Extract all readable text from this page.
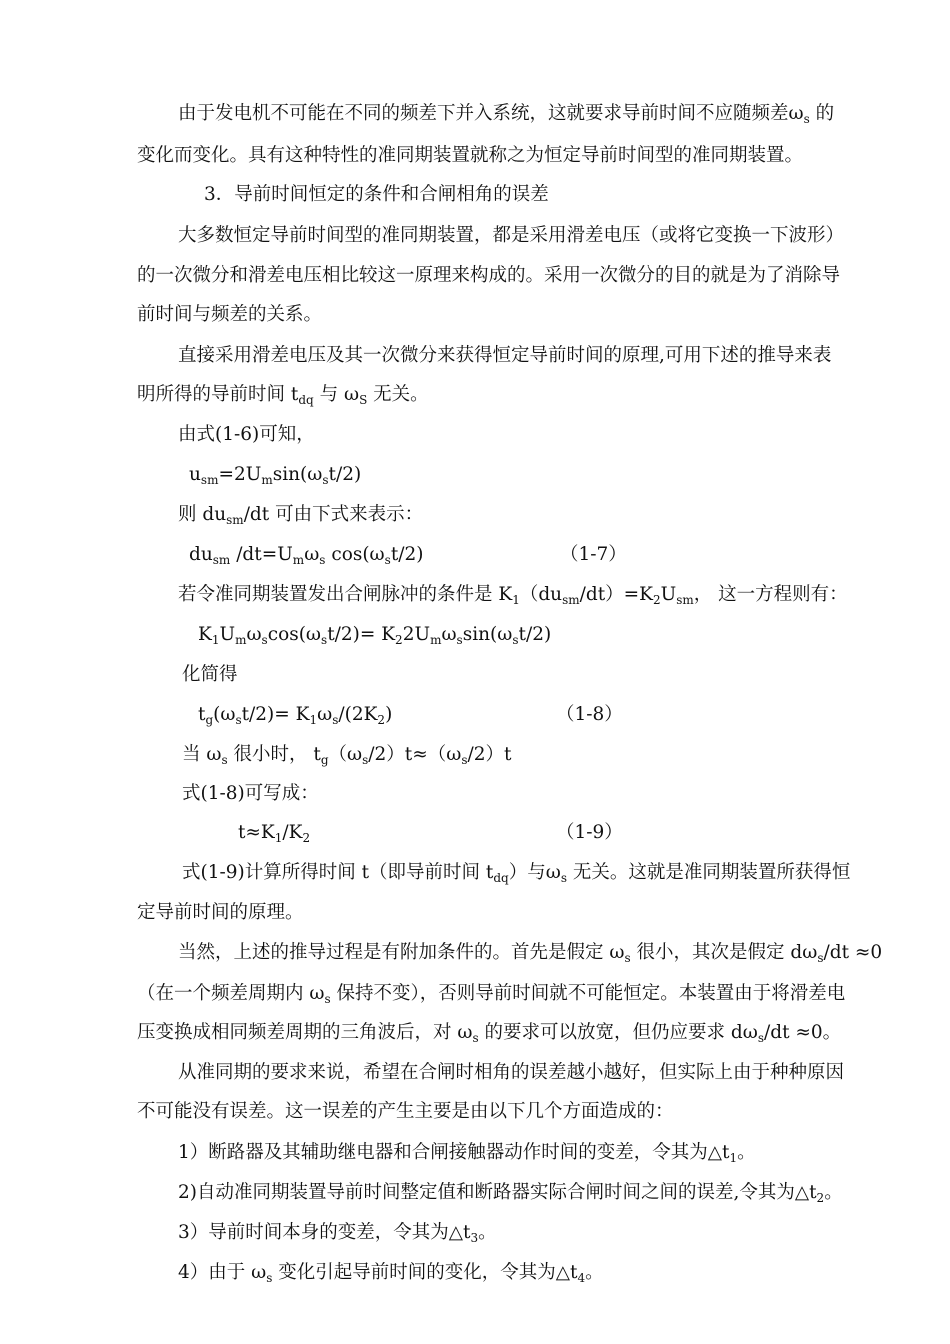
由于发电机不可能在不同的频差下并入系统，这就要求导前时间不应随频差$\omega_s$ 的
变化而变化。具有这种特性的准同期装置就称之为恒定导前时间型的准同期装置。
3．导前时间恒定的条件和合闸相角的误差
大多数恒定导前时间型的准同期装置，都是采用滑差电压（或将它变换一下波形）
的一次微分和滑差电压相比较这一原理来构成的。采用一次微分的目的就是为了消除导
前时间与频差的关系。
直接采用滑差电压及其一次微分来获得恒定导前时间的原理,可用下述的推导来表
明所得的导前时间 $t_{dq}$ 与 $\omega_S$ 无关。
由式(1-6)可知，
$u_{sm}=2U_m\sin(\omega_st/2)$
则 $du_{sm}/dt$ 可由下式来表示：
$du_{sm}$ $/dt=U_m\omega_s$ $\cos(\omega_st/2)$
若令准同期装置发出合闸脉冲的条件是 $K_1(du_{sm}/dt)=K_2U_{sm}$， 这一方程则有：
$K_1U_m\omega_s\cos(\omega_st/2)= K_22U_m\omega_s\sin(\omega_st/2)$
化简得
$t_g(\omega_st/2)= K_1\omega_s/(2K_2)$
当 $\omega_s$ 很小时， $t_g(\omega_s/2)t\approx(\omega_s/2)t$
式(1-8)可写成：
$t\approx K_1/K_2$
式(1-9)计算所得时间 t（即导前时间 $t_{dq}$）与$\omega_s$ 无关。这就是准同期装置所获得恒
定导前时间的原理。
当然，上述的推导过程是有附加条件的。首先是假定 $\omega_s$ 很小，其次是假定 $d\omega_s/dt \approx 0$
（在一个频差周期内 $\omega_s$ 保持不变），否则导前时间就不可能恒定。本装置由于将滑差电
压变换成相同频差周期的三角波后，对 $\omega_s$ 的要求可以放宽，但仍应要求 $d\omega_s/dt \approx 0$。
从准同期的要求来说，希望在合闸时相角的误差越小越好，但实际上由于种种原因
不可能没有误差。这一误差的产生主要是由以下几个方面造成的：
1）断路器及其辅助继电器和合闸接触器动作时间的变差，令其为$\triangle t_1$。
2)自动准同期装置导前时间整定值和断路器实际合闸时间之间的误差,令其为$\triangle t_2$。
3）导前时间本身的变差，令其为$\triangle t_3$。
4）由于 $\omega_s$ 变化引起导前时间的变化，令其为$\triangle t_4$。
（1-7）
（1-8）
（1-9）
